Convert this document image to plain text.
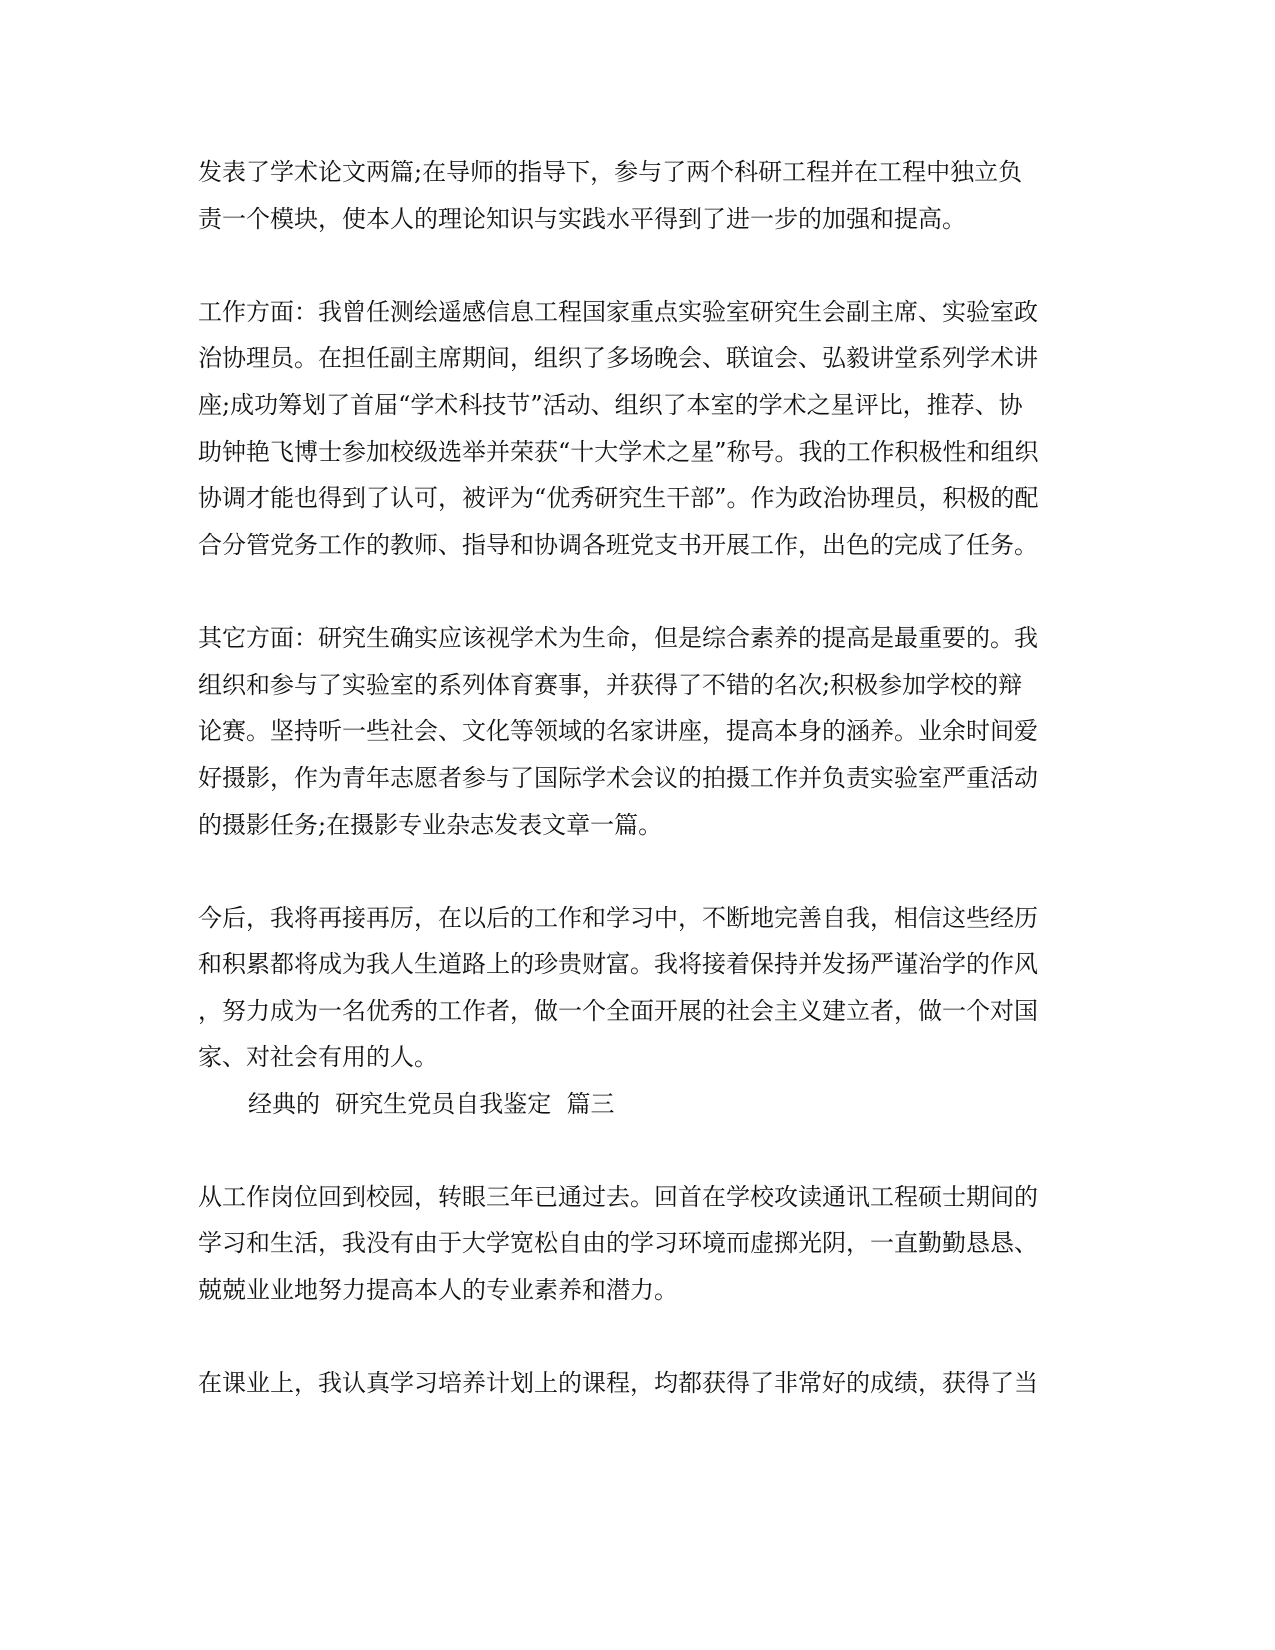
发表了学术论文两篇;在导师的指导下，参与了两个科研工程并在工程中独立负
责一个模块，使本人的理论知识与实践水平得到了进一步的加强和提高。
工作方面：我曾任测绘遥感信息工程国家重点实验室研究生会副主席、实验室政
治协理员。在担任副主席期间，组织了多场晚会、联谊会、弘毅讲堂系列学术讲
座;成功筹划了首届“学术科技节”活动、组织了本室的学术之星评比，推荐、协
助钟艳飞博士参加校级选举并荣获“十大学术之星”称号。我的工作积极性和组织
协调才能也得到了认可，被评为“优秀研究生干部”。作为政治协理员，积极的配
合分管党务工作的教师、指导和协调各班党支书开展工作，出色的完成了任务。
其它方面：研究生确实应该视学术为生命，但是综合素养的提高是最重要的。我
组织和参与了实验室的系列体育赛事，并获得了不错的名次;积极参加学校的辩
论赛。坚持听一些社会、文化等领域的名家讲座，提高本身的涵养。业余时间爱
好摄影，作为青年志愿者参与了国际学术会议的拍摄工作并负责实验室严重活动
的摄影任务;在摄影专业杂志发表文章一篇。
今后，我将再接再厉，在以后的工作和学习中，不断地完善自我，相信这些经历
和积累都将成为我人生道路上的珍贵财富。我将接着保持并发扬严谨治学的作风
，努力成为一名优秀的工作者，做一个全面开展的社会主义建立者，做一个对国
家、对社会有用的人。
经典的  研究生党员自我鉴定  篇三
从工作岗位回到校园，转眼三年已通过去。回首在学校攻读通讯工程硕士期间的
学习和生活，我没有由于大学宽松自由的学习环境而虚掷光阴，一直勤勤恳恳、
兢兢业业地努力提高本人的专业素养和潜力。
在课业上，我认真学习培养计划上的课程，均都获得了非常好的成绩，获得了当
